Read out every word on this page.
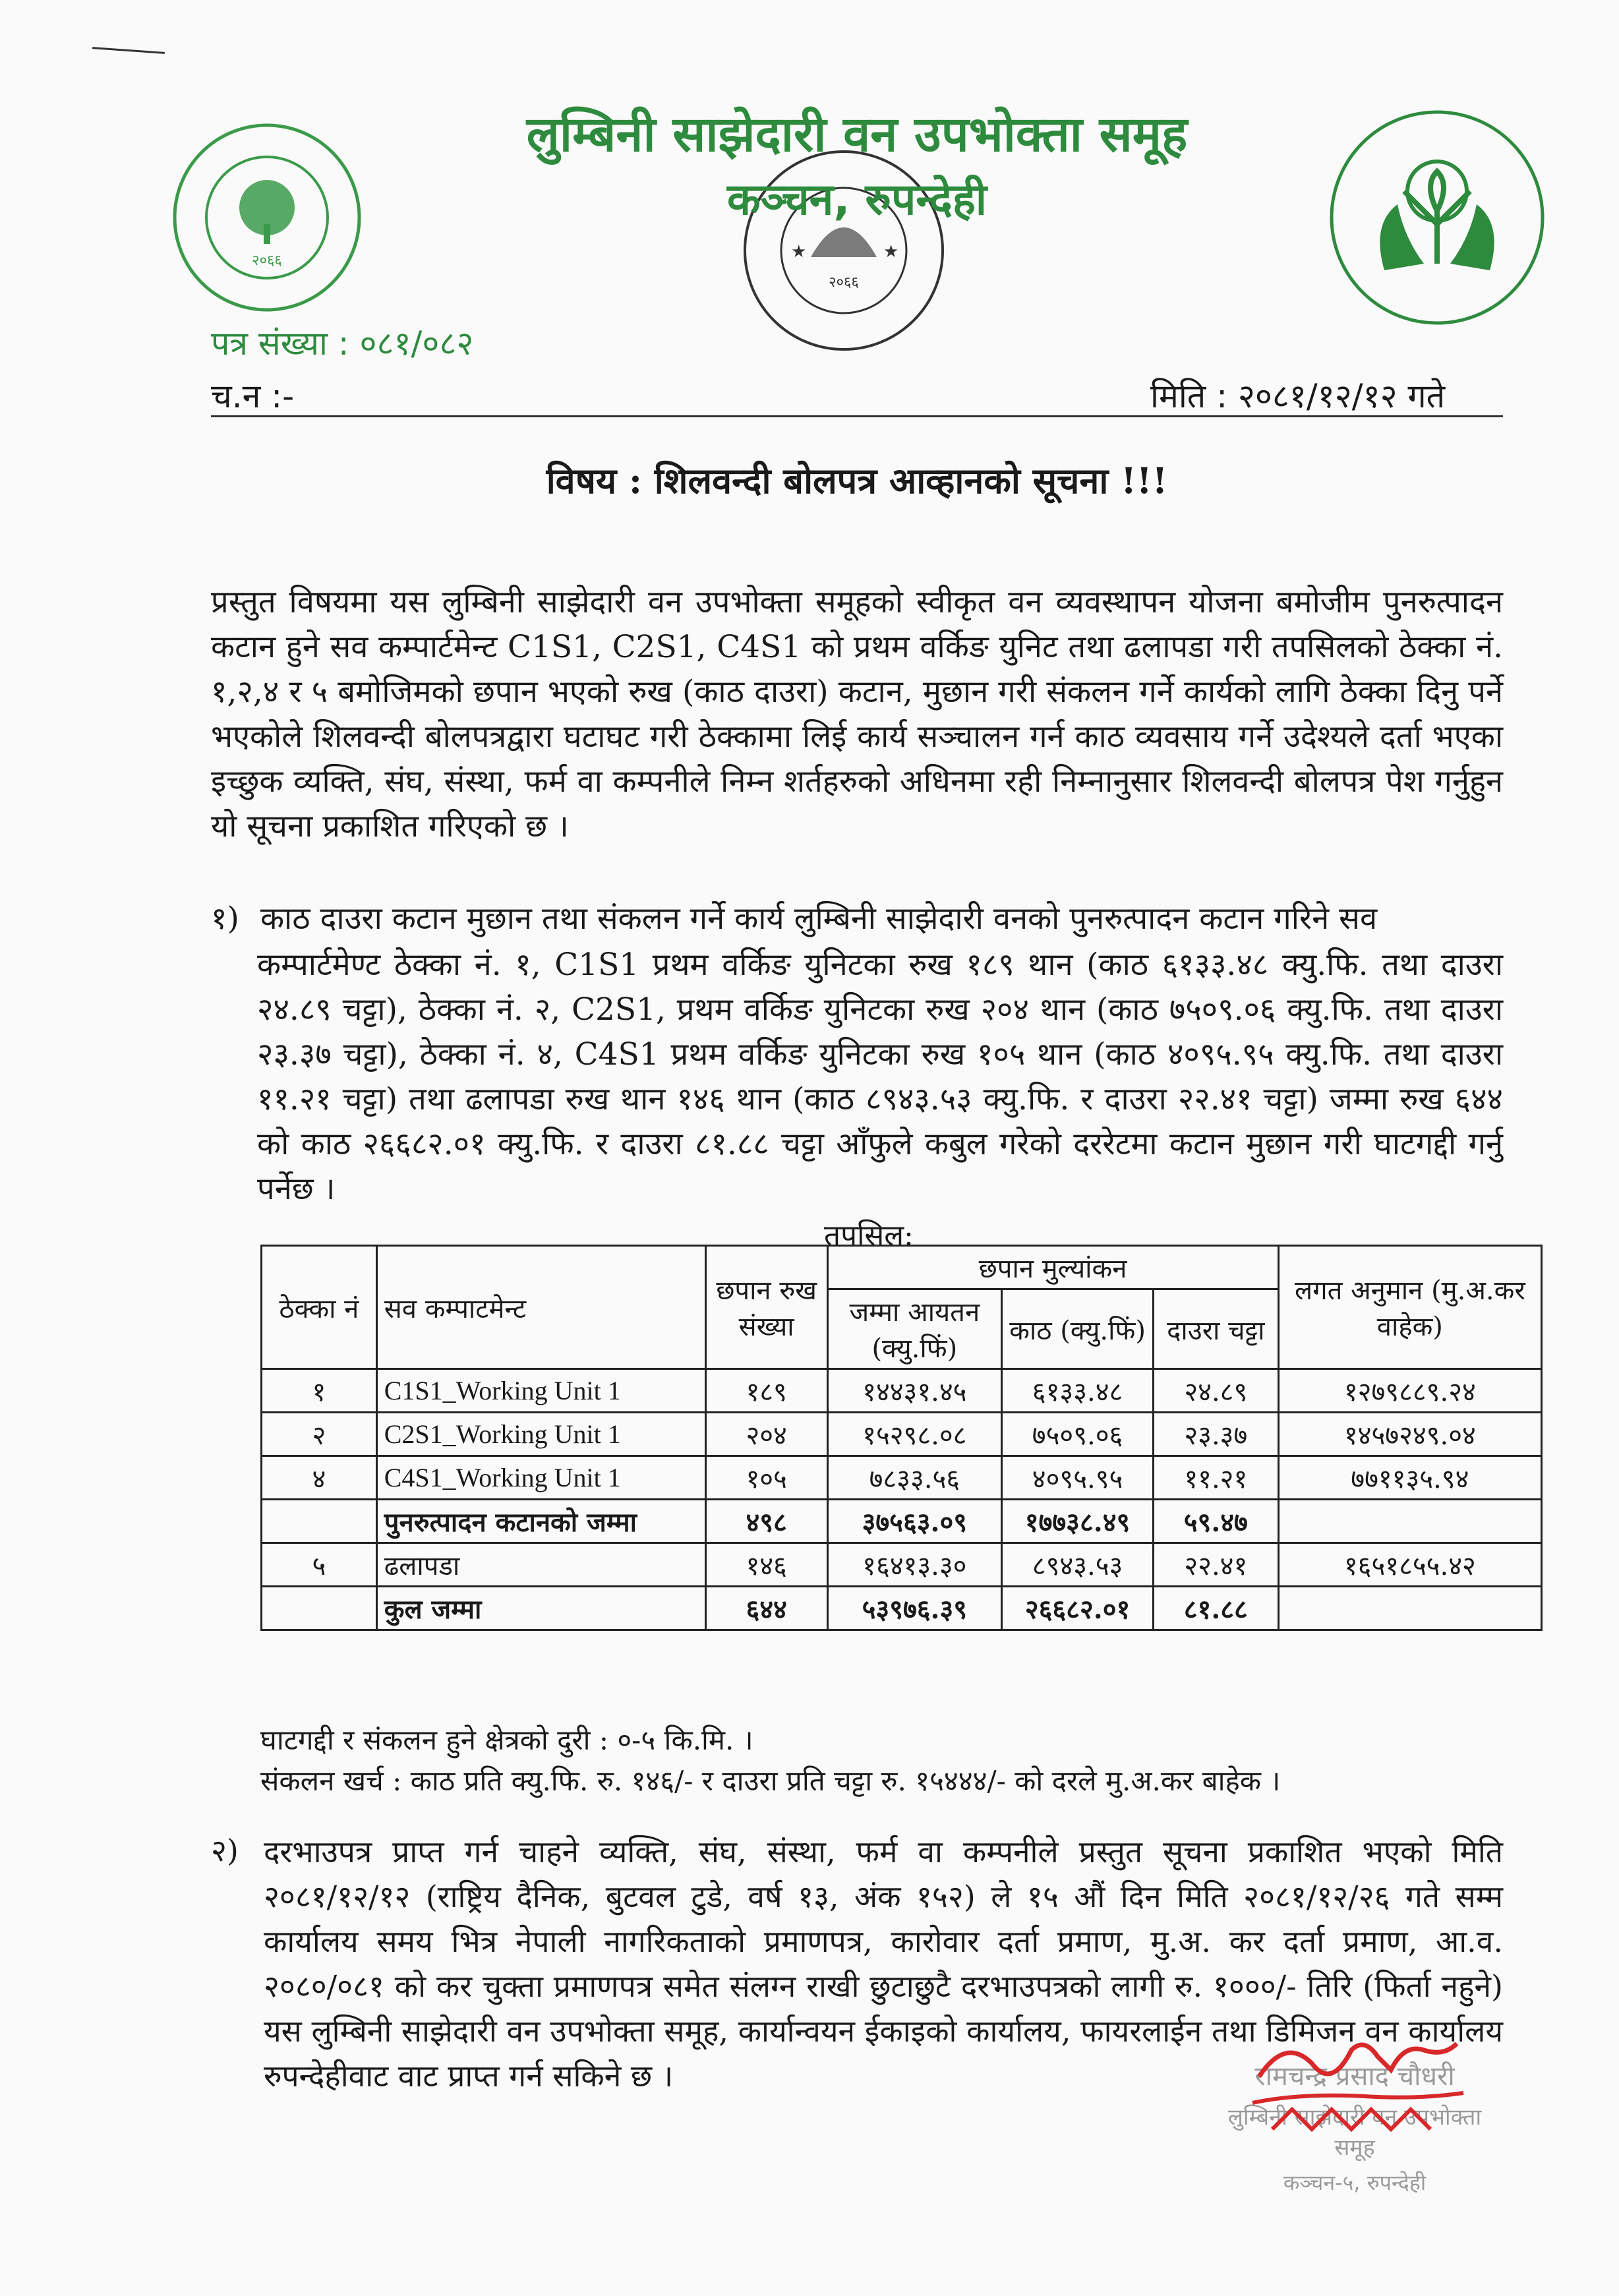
२०६६
२०६६
★	★
लुम्बिनी साझेदारी वन उपभोक्ता समूह
कञ्चन, रुपन्देही
पत्र संख्या : ०८१/०८२
च.न :-	मिति : २०८१/१२/१२ गते
विषय : शिलवन्दी बोलपत्र आव्हानको सूचना !!!
प्रस्तुत विषयमा यस लुम्बिनी साझेदारी वन उपभोक्ता समूहको स्वीकृत वन व्यवस्थापन योजना बमोजीम पुनरुत्पादन कटान हुने सव कम्पार्टमेन्ट C1S1, C2S1, C4S1 को प्रथम वर्किङ युनिट तथा ढलापडा गरी तपसिलको ठेक्का नं. १,२,४ र ५ बमोजिमको छपान भएको रुख (काठ दाउरा) कटान, मुछान गरी संकलन गर्ने कार्यको लागि ठेक्का दिनु पर्ने भएकोले शिलवन्दी बोलपत्रद्वारा घटाघट गरी ठेक्कामा लिई कार्य सञ्चालन गर्न काठ व्यवसाय गर्ने उदेश्यले दर्ता भएका इच्छुक व्यक्ति, संघ, संस्था, फर्म वा कम्पनीले निम्न शर्तहरुको अधिनमा रही निम्नानुसार शिलवन्दी बोलपत्र पेश गर्नुहुन यो सूचना प्रकाशित गरिएको छ ।
१) काठ दाउरा कटान मुछान तथा संकलन गर्ने कार्य लुम्बिनी साझेदारी वनको पुनरुत्पादन कटान गरिने सव
कम्पार्टमेण्ट ठेक्का नं. १, C1S1 प्रथम वर्किङ युनिटका रुख १८९ थान (काठ ६१३३.४८ क्यु.फि. तथा दाउरा २४.८९ चट्टा), ठेक्का नं. २, C2S1, प्रथम वर्किङ युनिटका रुख २०४ थान (काठ ७५०९.०६ क्यु.फि. तथा दाउरा २३.३७ चट्टा), ठेक्का नं. ४, C4S1 प्रथम वर्किङ युनिटका रुख १०५ थान (काठ ४०९५.९५ क्यु.फि. तथा दाउरा ११.२१ चट्टा) तथा ढलापडा रुख थान १४६ थान (काठ ८९४३.५३ क्यु.फि. र दाउरा २२.४१ चट्टा) जम्मा रुख ६४४ को काठ २६६८२.०१ क्यु.फि. र दाउरा ८१.८८ चट्टा आँफुले कबुल गरेको दररेटमा कटान मुछान गरी घाटगद्दी गर्नु पर्नेछ ।
तपसिल:
ठेक्का नं	सव कम्पाटमेन्ट	छपान रुख संख्या	छपान मुल्यांकन			लगत अनुमान (मु.अ.कर वाहेक)
			जम्मा आयतन (क्यु.फिं)	काठ (क्यु.फिं)	दाउरा चट्टा	
१	C1S1_Working Unit 1	१८९	१४४३१.४५	६१३३.४८	२४.८९	१२७९८८९.२४
२	C2S1_Working Unit 1	२०४	१५२९८.०८	७५०९.०६	२३.३७	१४५७२४९.०४
४	C4S1_Working Unit 1	१०५	७८३३.५६	४०९५.९५	११.२१	७७११३५.९४
	पुनरुत्पादन कटानको जम्मा	४९८	३७५६३.०९	१७७३८.४९	५९.४७	
५	ढलापडा	१४६	१६४१३.३०	८९४३.५३	२२.४१	१६५१८५५.४२
	कुल जम्मा	६४४	५३९७६.३९	२६६८२.०१	८१.८८	
घाटगद्दी र संकलन हुने क्षेत्रको दुरी : ०-५ कि.मि. ।
संकलन खर्च : काठ प्रति क्यु.फि. रु. १४६/- र दाउरा प्रति चट्टा रु. १५४४४/- को दरले मु.अ.कर बाहेक ।
२) दरभाउपत्र प्राप्त गर्न चाहने व्यक्ति, संघ, संस्था, फर्म वा कम्पनीले प्रस्तुत सूचना प्रकाशित भएको मिति २०८१/१२/१२ (राष्ट्रिय दैनिक, बुटवल टुडे, वर्ष १३, अंक १५२) ले १५ औं दिन मिति २०८१/१२/२६ गते सम्म कार्यालय समय भित्र नेपाली नागरिकताको प्रमाणपत्र, कारोवार दर्ता प्रमाण, मु.अ. कर दर्ता प्रमाण, आ.व. २०८०/०८१ को कर चुक्ता प्रमाणपत्र समेत संलग्न राखी छुटाछुटै दरभाउपत्रको लागी रु. १०००/- तिरि (फिर्ता नहुने) यस लुम्बिनी साझेदारी वन उपभोक्ता समूह, कार्यान्वयन ईकाइको कार्यालय, फायरलाईन तथा डिमिजन वन कार्यालय रुपन्देहीवाट वाट प्राप्त गर्न सकिने छ ।	रामचन्द्र प्रसाद चौधरी
लुम्बिनी साझेदारी वन उपभोक्ता समूह
कञ्चन-५, रुपन्देही
